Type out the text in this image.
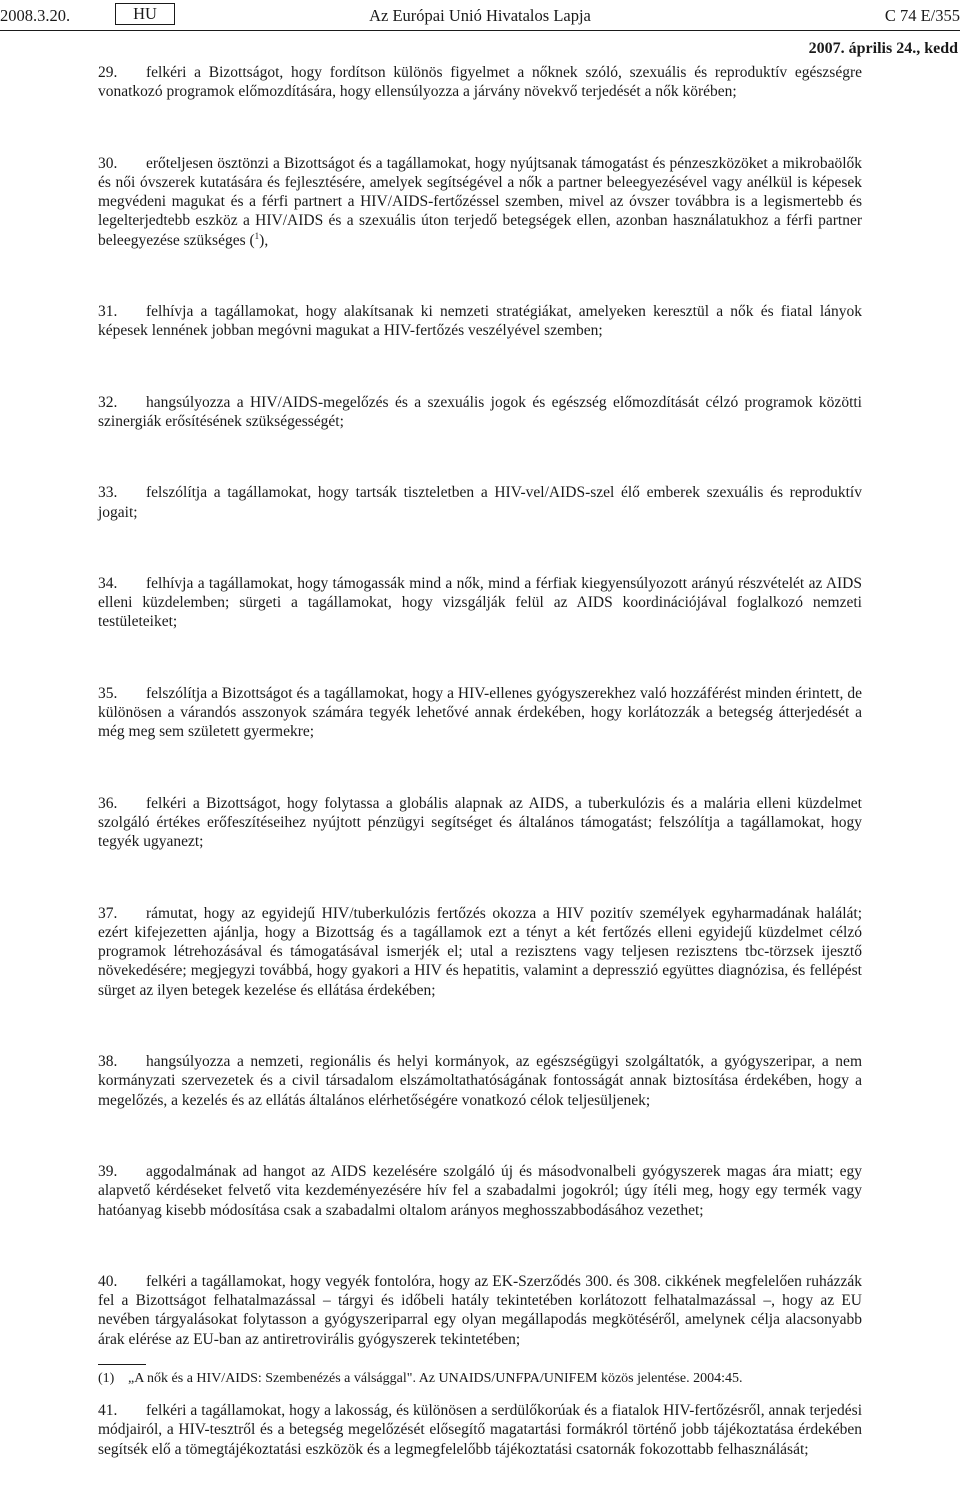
2008.3.20.	Az Európai Unió Hivatalos Lapja
HU	C 74 E/355
2007. április 24., kedd

29. felkéri a Bizottságot, hogy fordítson különös figyelmet a nőknek szóló, szexuális és reproduktív egészségre vonatkozó programok előmozdítására, hogy ellensúlyozza a járvány növekvő terjedését a nők körében;

30. erőteljesen ösztönzi a Bizottságot és a tagállamokat, hogy nyújtsanak támogatást és pénzeszközöket a mikrobaölők és női óvszerek kutatására és fejlesztésére, amelyek segítségével a nők a partner beleegyezésével vagy anélkül is képesek megvédeni magukat és a férfi partnert a HIV/AIDS-fertőzéssel szemben, mivel az óvszer továbbra is a legismertebb és legelterjedtebb eszköz a HIV/AIDS és a szexuális úton terjedő betegségek ellen, azonban használatukhoz a férfi partner beleegyezése szükséges ($^1$),

31. felhívja a tagállamokat, hogy alakítsanak ki nemzeti stratégiákat, amelyeken keresztül a nők és fiatal lányok képesek lennének jobban megóvni magukat a HIV-fertőzés veszélyével szemben;

32. hangsúlyozza a HIV/AIDS-megelőzés és a szexuális jogok és egészség előmozdítását célzó programok közötti szinergiák erősítésének szükségességét;

33. felszólítja a tagállamokat, hogy tartsák tiszteletben a HIV-vel/AIDS-szel élő emberek szexuális és reproduktív jogait;

34. felhívja a tagállamokat, hogy támogassák mind a nők, mind a férfiak kiegyensúlyozott arányú részvételét az AIDS elleni küzdelemben; sürgeti a tagállamokat, hogy vizsgálják felül az AIDS koordinációjával foglalkozó nemzeti testületeiket;

35. felszólítja a Bizottságot és a tagállamokat, hogy a HIV-ellenes gyógyszerekhez való hozzáférést minden érintett, de különösen a várandós asszonyok számára tegyék lehetővé annak érdekében, hogy korlátozzák a betegség átterjedését a még meg sem született gyermekre;

36. felkéri a Bizottságot, hogy folytassa a globális alapnak az AIDS, a tuberkulózis és a malária elleni küzdelmet szolgáló értékes erőfeszítéseihez nyújtott pénzügyi segítséget és általános támogatást; felszólítja a tagállamokat, hogy tegyék ugyanezt;

37. rámutat, hogy az egyidejű HIV/tuberkulózis fertőzés okozza a HIV pozitív személyek egyharmadának halálát; ezért kifejezetten ajánlja, hogy a Bizottság és a tagállamok ezt a tényt a két fertőzés elleni egyidejű küzdelmet célzó programok létrehozásával és támogatásával ismerjék el; utal a rezisztens vagy teljesen rezisztens tbc-törzsek ijesztő növekedésére; megjegyzi továbbá, hogy gyakori a HIV és hepatitis, valamint a depresszió együttes diagnózisa, és fellépést sürget az ilyen betegek kezelése és ellátása érdekében;

38. hangsúlyozza a nemzeti, regionális és helyi kormányok, az egészségügyi szolgáltatók, a gyógyszeripar, a nem kormányzati szervezetek és a civil társadalom elszámoltathatóságának fontosságát annak biztosítása érdekében, hogy a megelőzés, a kezelés és az ellátás általános elérhetőségére vonatkozó célok teljesüljenek;

39. aggodalmának ad hangot az AIDS kezelésére szolgáló új és másodvonalbeli gyógyszerek magas ára miatt; egy alapvető kérdéseket felvető vita kezdeményezésére hív fel a szabadalmi jogokról; úgy ítéli meg, hogy egy termék vagy hatóanyag kisebb módosítása csak a szabadalmi oltalom arányos meghosszabbodásához vezethet;

40. felkéri a tagállamokat, hogy vegyék fontolóra, hogy az EK-Szerződés 300. és 308. cikkének megfelelően ruházzák fel a Bizottságot felhatalmazással – tárgyi és időbeli hatály tekintetében korlátozott felhatalmazással –, hogy az EU nevében tárgyalásokat folytasson a gyógyszeriparral egy olyan megállapodás megkötéséről, amelynek célja alacsonyabb árak elérése az EU-ban az antiretrovirális gyógyszerek tekintetében;

41. felkéri a tagállamokat, hogy a lakosság, és különösen a serdülőkorúak és a fiatalok HIV-fertőzésről, annak terjedési módjairól, a HIV-tesztről és a betegség megelőzését elősegítő magatartási formákról történő jobb tájékoztatása érdekében segítsék elő a tömegtájékoztatási eszközök és a legmegfelelőbb tájékoztatási csatornák fokozottabb felhasználását;

(1) „A nők és a HIV/AIDS: Szembenézés a válsággal". Az UNAIDS/UNFPA/UNIFEM közös jelentése. 2004:45.
